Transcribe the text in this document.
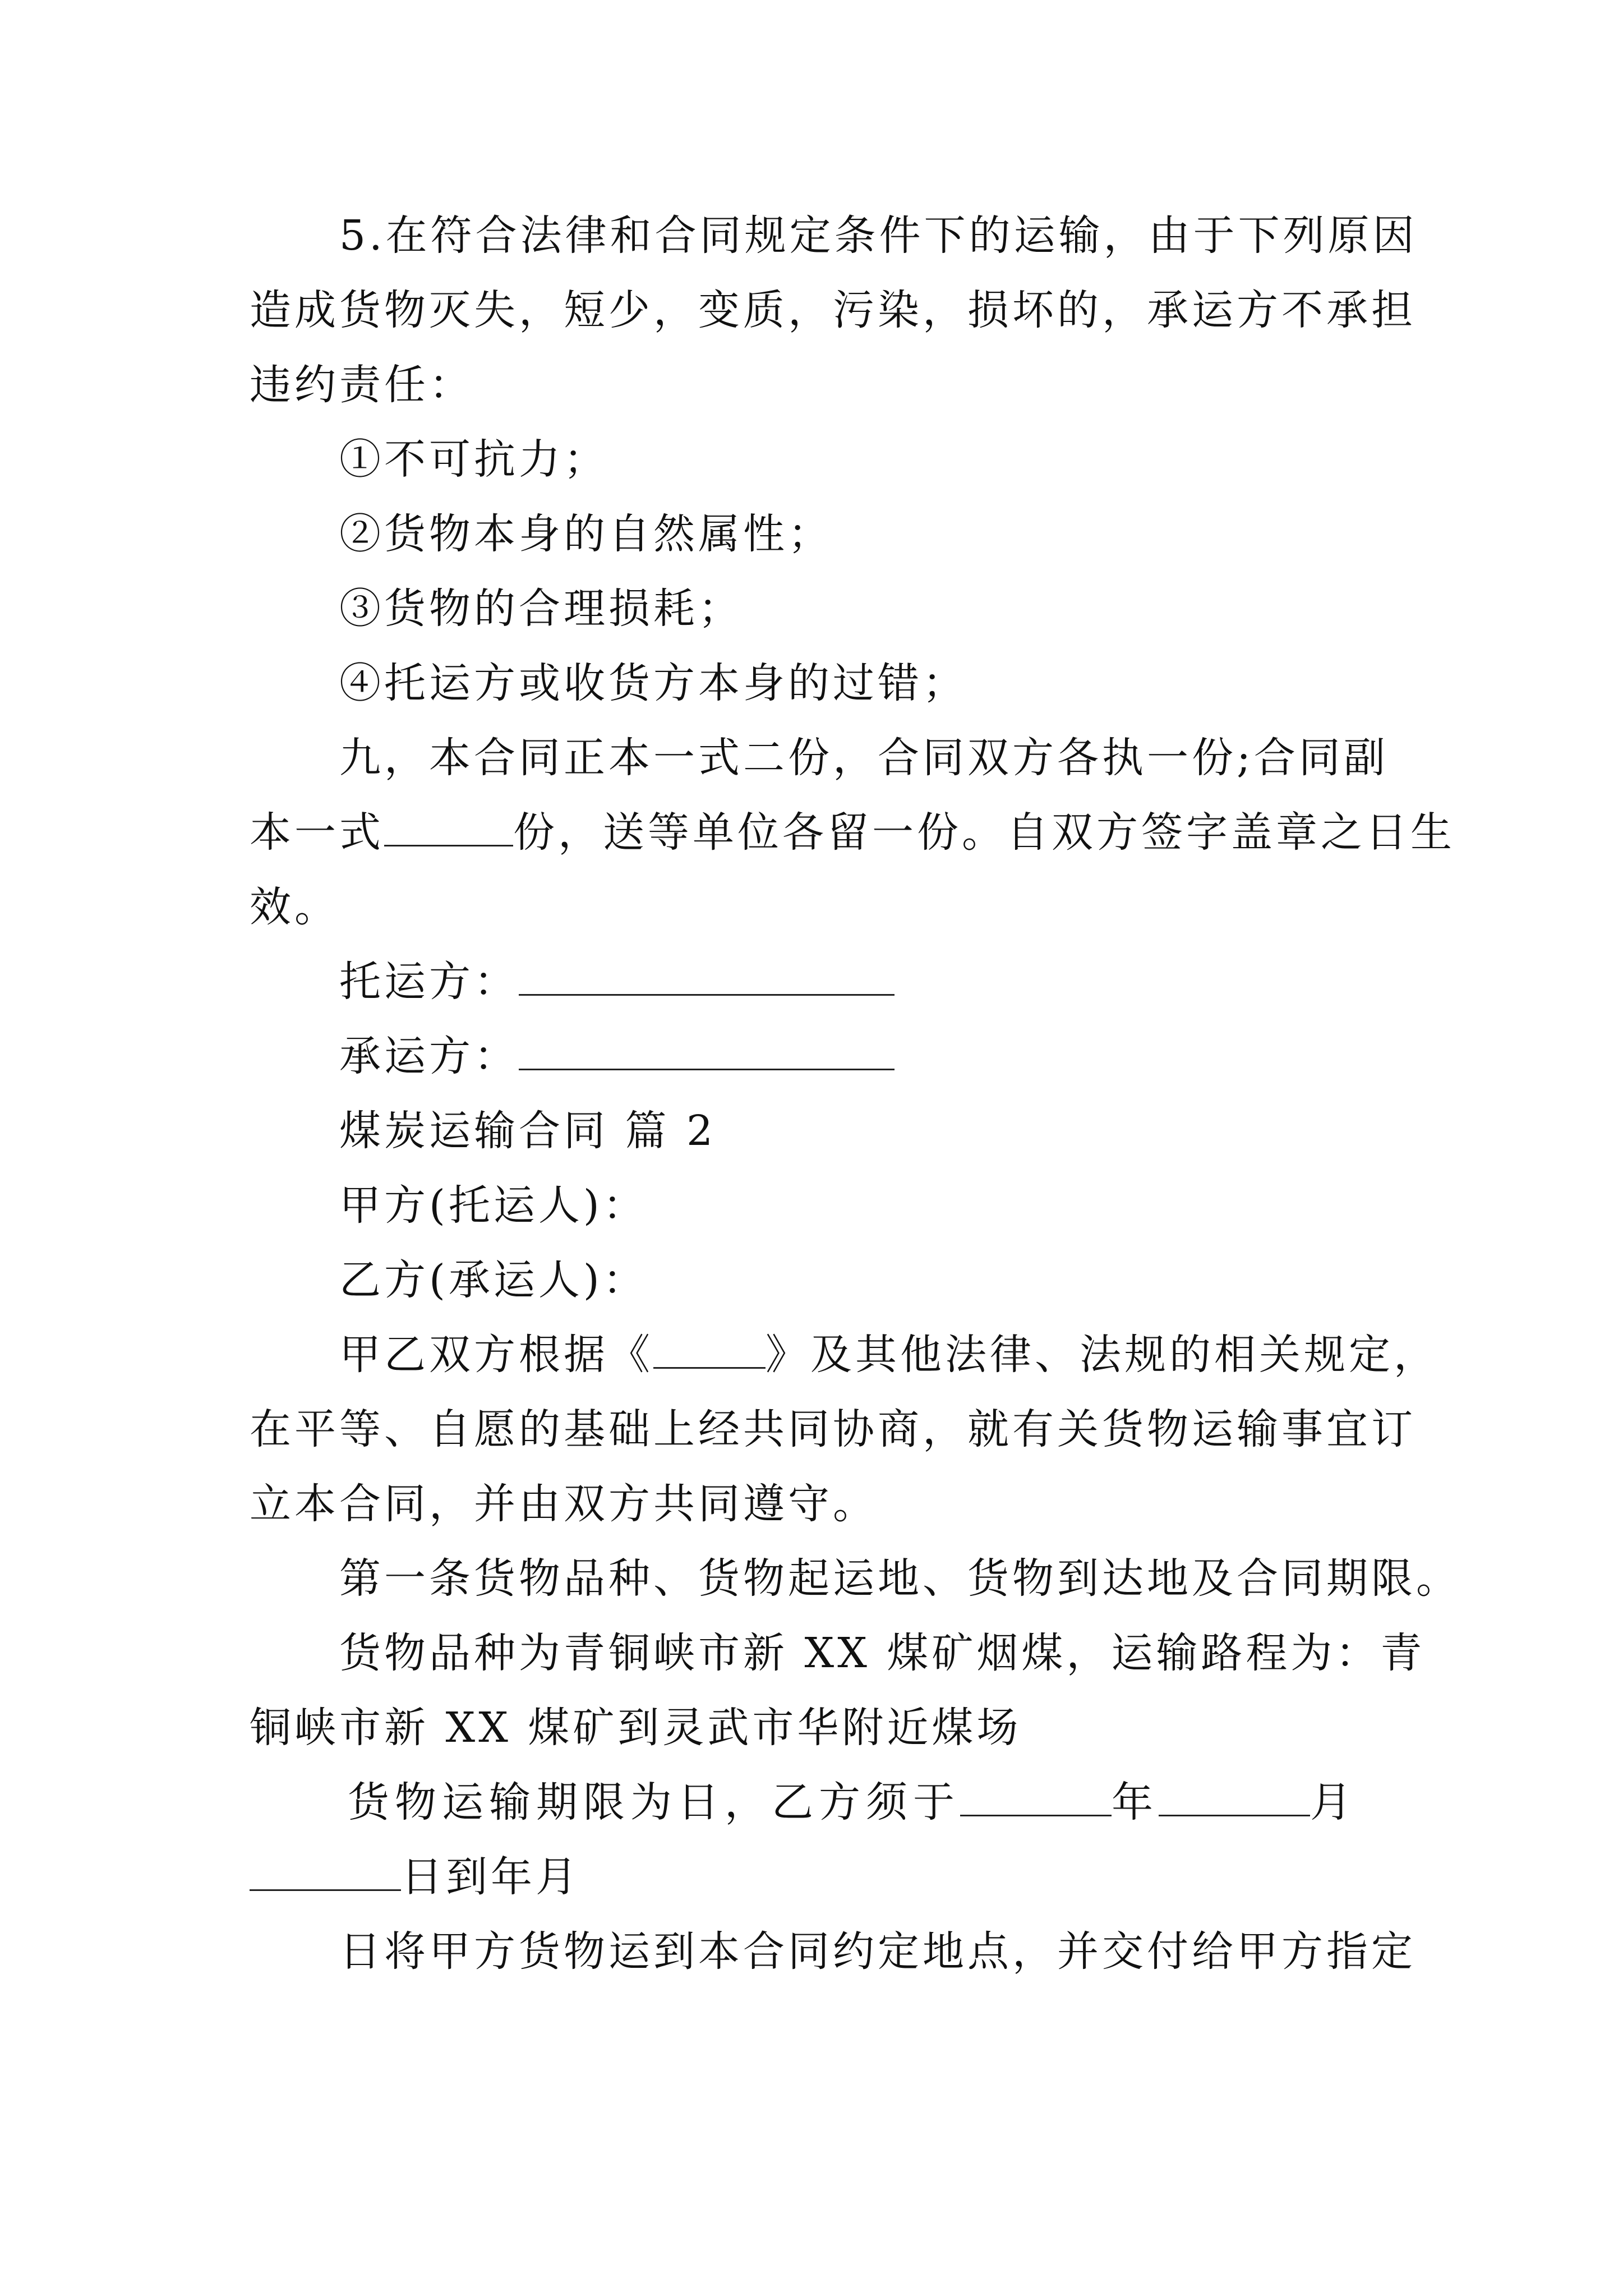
5.在符合法律和合同规定条件下的运输，由于下列原因
造成货物灭失，短少，变质，污染，损坏的，承运方不承担
违约责任：
①不可抗力；
②货物本身的自然属性；
③货物的合理损耗；
④托运方或收货方本身的过错；
九，本合同正本一式二份，合同双方各执一份;合同副
本一式	份，送等单位各留一份。自双方签字盖章之日生
效。
托运方：
承运方：
煤炭运输合同 篇 2
甲方(托运人)：
乙方(承运人)：
甲乙双方根据《	》及其他法律、法规的相关规定，
在平等、自愿的基础上经共同协商，就有关货物运输事宜订
立本合同，并由双方共同遵守。
第一条货物品种、货物起运地、货物到达地及合同期限。
货物品种为青铜峡市新 XX 煤矿烟煤，运输路程为：青
铜峡市新 XX 煤矿到灵武市华附近煤场
货物运输期限为日，乙方须于	年	月
日到年月
日将甲方货物运到本合同约定地点，并交付给甲方指定
